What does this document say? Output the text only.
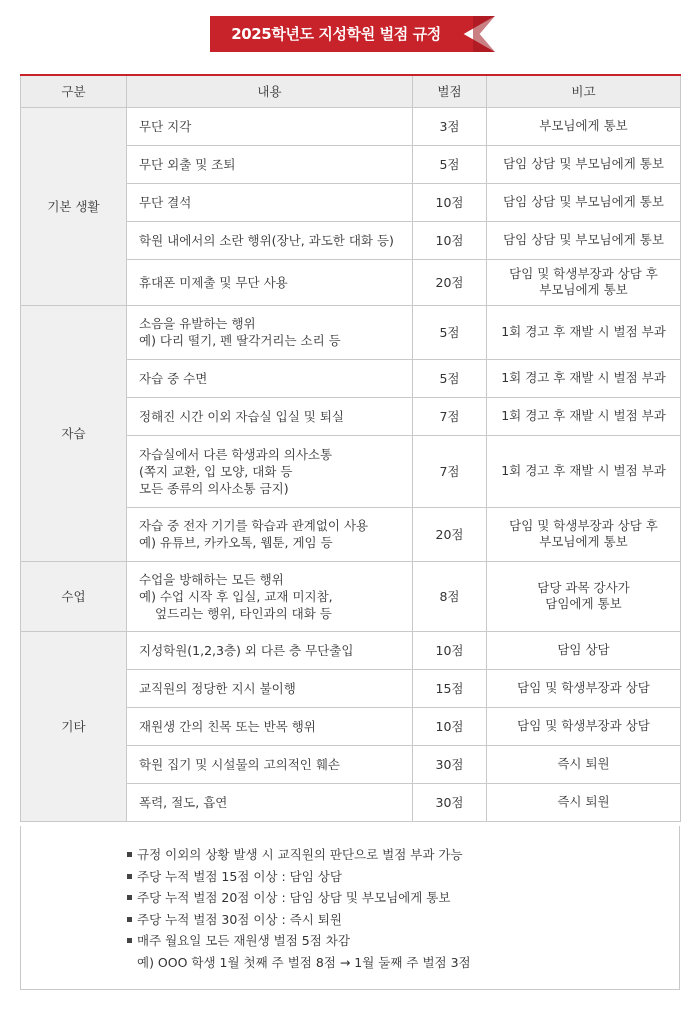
2025학년도 지성학원 벌점 규정
구분	내용	벌점	비고
기본 생활	무단 지각	3점	부모님에게 통보
	무단 외출 및 조퇴	5점	담임 상담 및 부모님에게 통보
	무단 결석	10점	담임 상담 및 부모님에게 통보
	학원 내에서의 소란 행위(장난, 과도한 대화 등)	10점	담임 상담 및 부모님에게 통보
	휴대폰 미제출 및 무단 사용	20점	담임 및 학생부장과 상담 후
부모님에게 통보

자습	소음을 유발하는 행위
예) 다리 떨기, 펜 딸각거리는 소리 등	5점	1회 경고 후 재발 시 벌점 부과
	자습 중 수면	5점	1회 경고 후 재발 시 벌점 부과
	정해진 시간 이외 자습실 입실 및 퇴실	7점	1회 경고 후 재발 시 벌점 부과

	자습실에서 다른 학생과의 의사소통
(쪽지 교환, 입 모양, 대화 등
모든 종류의 의사소통 금지)	7점	1회 경고 후 재발 시 벌점 부과

	자습 중 전자 기기를 학습과 관계없이 사용
예) 유튜브, 카카오톡, 웹툰, 게임 등	20점	담임 및 학생부장과 상담 후
부모님에게 통보

수업	수업을 방해하는 모든 행위
예) 수업 시작 후 입실, 교재 미지참,
엎드리는 행위, 타인과의 대화 등	8점	담당 과목 강사가
담임에게 통보

기타	지성학원(1,2,3층) 외 다른 층 무단출입	10점	담임 상담
	교직원의 정당한 지시 불이행	15점	담임 및 학생부장과 상담
	재원생 간의 친목 또는 반목 행위	10점	담임 및 학생부장과 상담
	학원 집기 및 시설물의 고의적인 훼손	30점	즉시 퇴원
	폭력, 절도, 흡연	30점	즉시 퇴원
규정 이외의 상황 발생 시 교직원의 판단으로 벌점 부과 가능
주당 누적 벌점 15점 이상 : 담임 상담
주당 누적 벌점 20점 이상 : 담임 상담 및 부모님에게 통보
주당 누적 벌점 30점 이상 : 즉시 퇴원
매주 월요일 모든 재원생 벌점 5점 차감
예) OOO 학생 1월 첫째 주 벌점 8점 → 1월 둘째 주 벌점 3점
